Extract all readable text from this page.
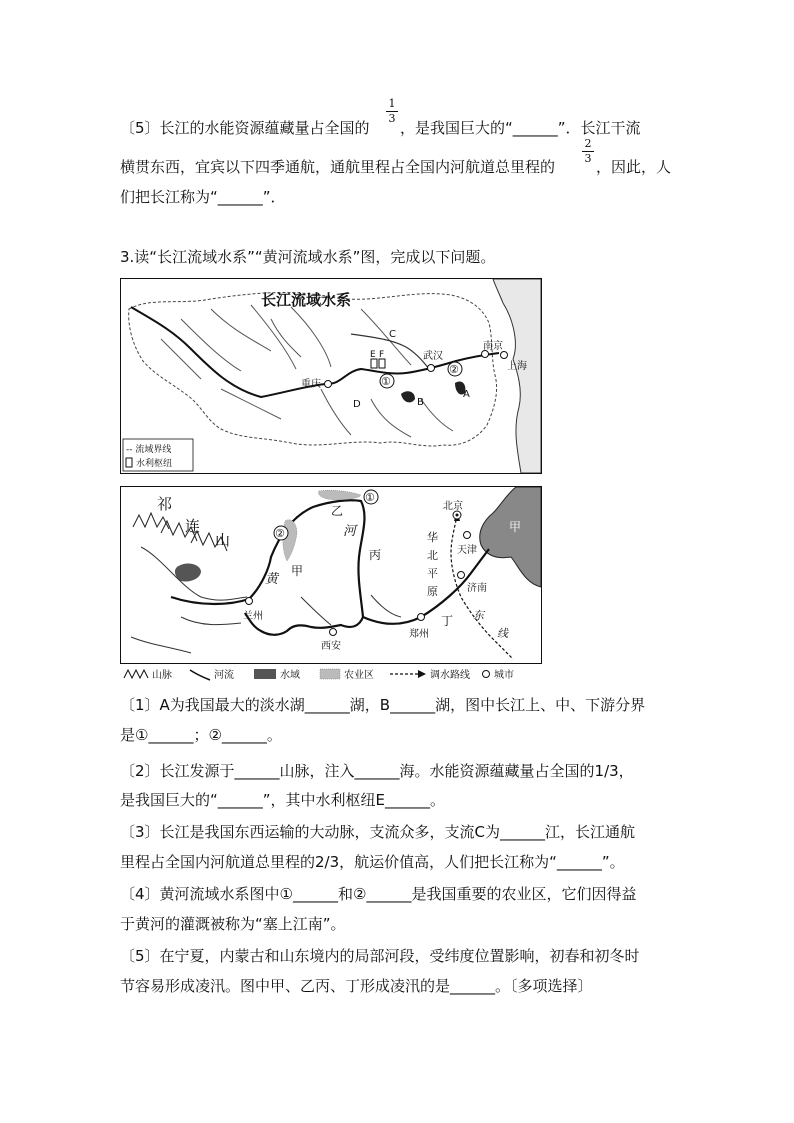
〔5〕长江的水能资源蕴藏量占全国的
1
3
，是我国巨大的“______”．长江干流
横贯东西，宜宾以下四季通航，通航里程占全国内河航道总里程的
2
3 ，因此，人
们把长江称为“______”．
3.读“长江流域水系”“黄河流域水系”图，完成以下问题。
长江流域水系
重庆
武汉
南京
上海
A
B
C
D
E F
①
②
-- 流域界线
水利枢纽
祁
连
山
黄
河
甲
乙
丙
丁
甲
华
北
平
原
东
线
①
②
北京
天津
济南
郑州
西安
兰州
山脉	河流	水域	农业区	调水路线 城市
〔1〕A为我国最大的淡水湖______湖，B______湖，图中长江上、中、下游分界
是①______；②______。
〔2〕长江发源于______山脉，注入______海。水能资源蕴藏量占全国的1/3，
是我国巨大的“______”，其中水利枢纽E______。
〔3〕长江是我国东西运输的大动脉，支流众多，支流C为______江，长江通航
里程占全国内河航道总里程的2/3，航运价值高，人们把长江称为“______”。
〔4〕黄河流域水系图中①______和②______是我国重要的农业区，它们因得益
于黄河的灌溉被称为“塞上江南”。
〔5〕在宁夏，内蒙古和山东境内的局部河段，受纬度位置影响，初春和初冬时
节容易形成凌汛。图中甲、乙丙、丁形成凌汛的是______。〔多项选择〕
